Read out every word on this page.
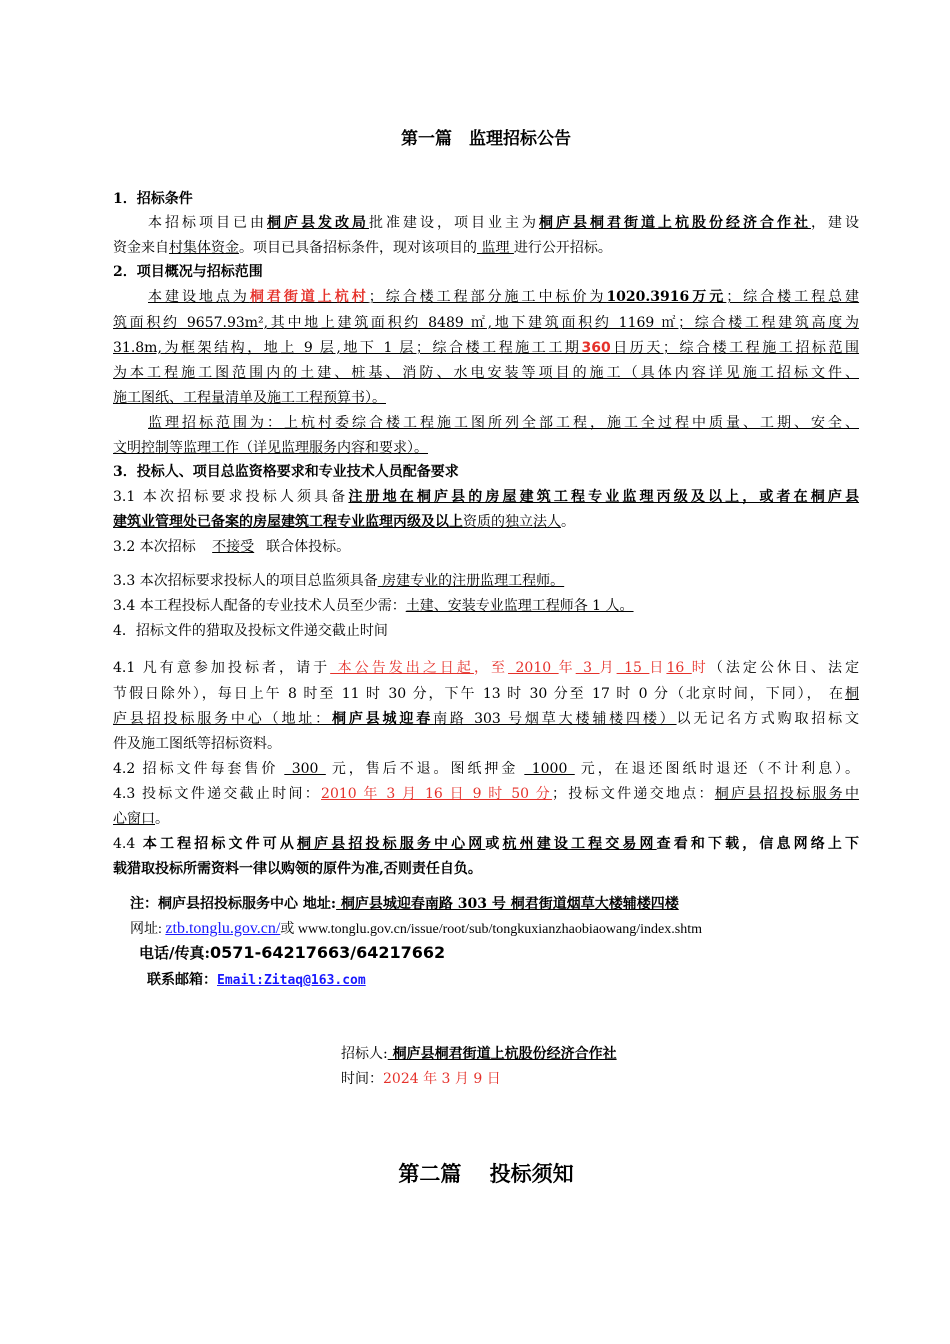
第一篇　监理招标公告
1．招标条件
本招标项目已由桐庐县发改局批准建设，项目业主为桐庐县桐君街道上杭股份经济合作社，建设
资金来自村集体资金。项目已具备招标条件，现对该项目的 监理 进行公开招标。
2．项目概况与招标范围
本建设地点为桐君街道上杭村；综合楼工程部分施工中标价为1020.3916万元；综合楼工程总建
筑面积约 9657.93m²,其中地上建筑面积约 8489 ㎡,地下建筑面积约 1169 ㎡；综合楼工程建筑高度为
31.8m,为框架结构，地上 9 层,地下 1 层；综合楼工程施工工期360日历天；综合楼工程施工招标范围
为本工程施工图范围内的土建、桩基、消防、水电安装等项目的施工（具体内容详见施工招标文件、
施工图纸、工程量清单及施工工程预算书）。
监理招标范围为：上杭村委综合楼工程施工图所列全部工程，施工全过程中质量、工期、安全、
文明控制等监理工作（详见监理服务内容和要求）。
3．投标人、项目总监资格要求和专业技术人员配备要求
3.1 本次招标要求投标人须具备注册地在桐庐县的房屋建筑工程专业监理丙级及以上，或者在桐庐县
建筑业管理处已备案的房屋建筑工程专业监理丙级及以上资质的独立法人。
3.2 本次招标 不接受 联合体投标。
3.3 本次招标要求投标人的项目总监须具备 房建专业的注册监理工程师。
3.4 本工程投标人配备的专业技术人员至少需：土建、安装专业监理工程师各 1 人。
4．招标文件的猎取及投标文件递交截止时间
4.1 凡有意参加投标者，请于 本公告发出之日起，至 2010 年 3 月 15 日16 时（法定公休日、法定
节假日除外），每日上午 8 时至 11 时 30 分，下午 13 时 30 分至 17 时 0 分（北京时间，下同）， 在桐
庐县招投标服务中心（地址：桐庐县城迎春南路 303 号烟草大楼辅楼四楼）以无记名方式购取招标文
件及施工图纸等招标资料。
4.2 招标文件每套售价 300 元，售后不退。图纸押金 1000 元，在退还图纸时退还（不计利息）。
4.3 投标文件递交截止时间：2010 年 3 月 16 日 9 时 50 分；投标文件递交地点：桐庐县招投标服务中
心窗口。
4.4 本工程招标文件可从桐庐县招投标服务中心网或杭州建设工程交易网查看和下载，信息网络上下
载猎取投标所需资料一律以购领的原件为准,否则责任自负。
注：桐庐县招投标服务中心 地址: 桐庐县城迎春南路 303 号 桐君街道烟草大楼辅楼四楼
网址: ztb.tonglu.gov.cn/或 www.tonglu.gov.cn/issue/root/sub/tongkuxianzhaobiaowang/index.shtm
电话/传真:0571-64217663/64217662
联系邮箱：Email:Zitaq@163.com
招标人: 桐庐县桐君街道上杭股份经济合作社
时间：2024 年 3 月 9 日
第二篇　 投标须知
